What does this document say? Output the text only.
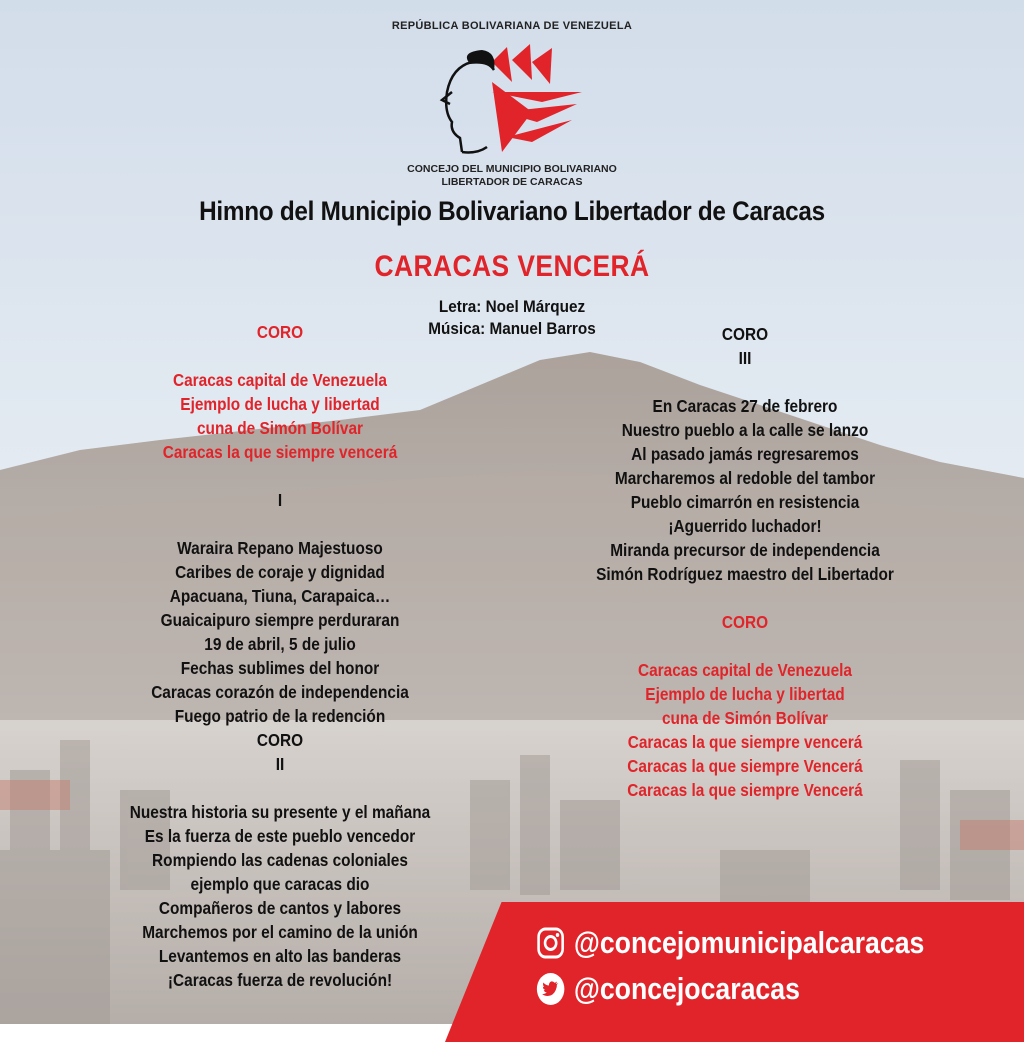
REPÚBLICA BOLIVARIANA DE VENEZUELA
CONCEJO DEL MUNICIPIO BOLIVARIANO
LIBERTADOR DE CARACAS
Himno del Municipio Bolivariano Libertador de Caracas
CARACAS VENCERÁ
Letra: Noel Márquez
Música: Manuel Barros
CORO
Caracas capital de Venezuela
Ejemplo de lucha y libertad
cuna de Simón Bolívar
Caracas la que siempre vencerá
I
Waraira Repano Majestuoso
Caribes de coraje y dignidad
Apacuana, Tiuna, Carapaica…
Guaicaipuro siempre perduraran
19 de abril, 5 de julio
Fechas sublimes del honor
Caracas corazón de independencia
Fuego patrio de la redención
CORO
II
Nuestra historia su presente y el mañana
Es la fuerza de este pueblo vencedor
Rompiendo las cadenas coloniales
ejemplo que caracas dio
Compañeros de cantos y labores
Marchemos por el camino de la unión
Levantemos en alto las banderas
¡Caracas fuerza de revolución!
CORO
III
En Caracas 27 de febrero
Nuestro pueblo a la calle se lanzo
Al pasado jamás regresaremos
Marcharemos al redoble del tambor
Pueblo cimarrón en resistencia
¡Aguerrido luchador!
Miranda precursor de independencia
Simón Rodríguez maestro del Libertador
CORO
Caracas capital de Venezuela
Ejemplo de lucha y libertad
cuna de Simón Bolívar
Caracas la que siempre vencerá
Caracas la que siempre Vencerá
Caracas la que siempre Vencerá
@concejomunicipalcaracas
@concejocaracas
